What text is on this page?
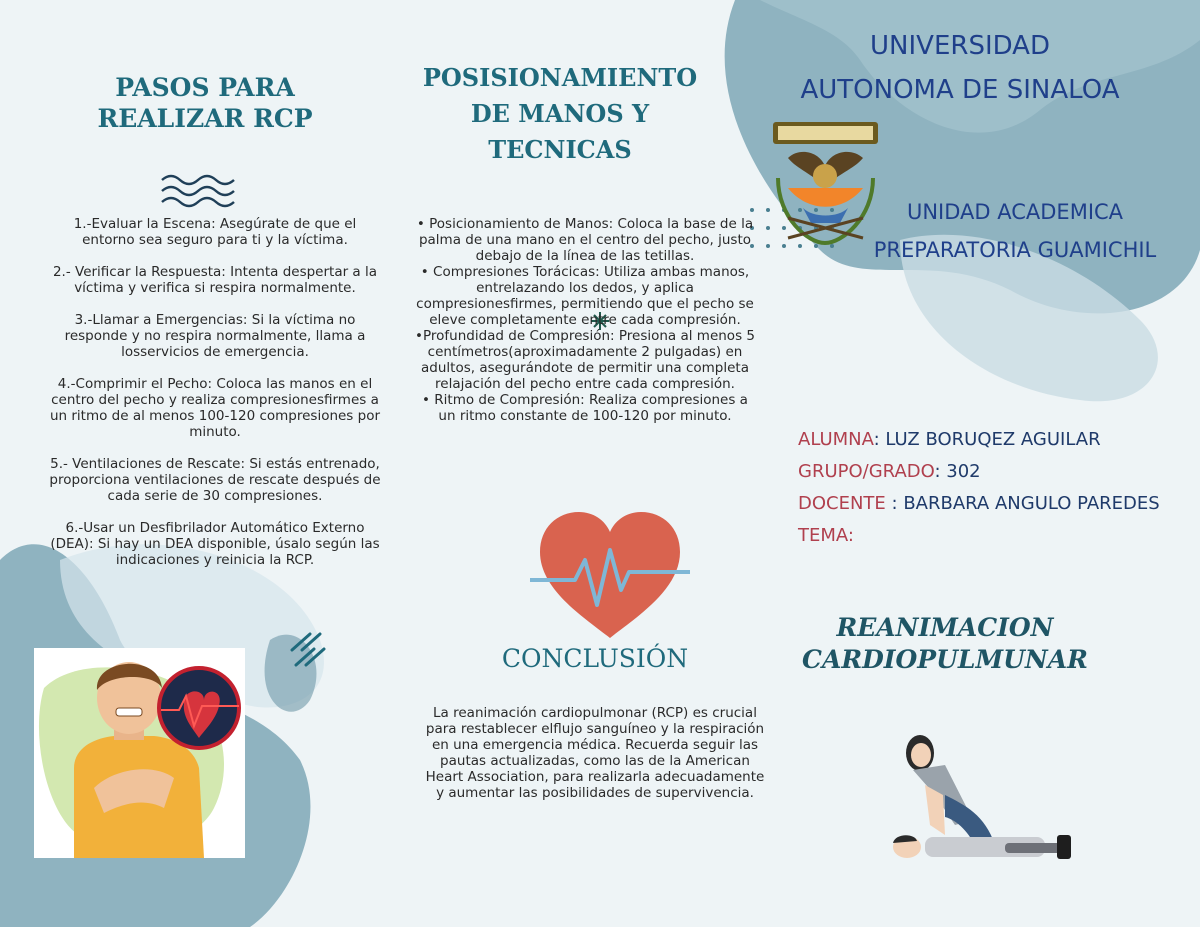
PASOS PARA REALIZAR RCP

1.-Evaluar la Escena: Asegúrate de que el entorno sea seguro para ti y la víctima.

2.- Verificar la Respuesta: Intenta despertar a la víctima y verifica si respira normalmente.

3.-Llamar a Emergencias: Si la víctima no responde y no respira normalmente, llama a losservicios de emergencia.

4.-Comprimir el Pecho: Coloca las manos en el centro del pecho y realiza compresionesfirmes a un ritmo de al menos 100-120 compresiones por minuto.

5.- Ventilaciones de Rescate: Si estás entrenado, proporciona ventilaciones de rescate después de cada serie de 30 compresiones.

6.-Usar un Desfibrilador Automático Externo (DEA): Si hay un DEA disponible, úsalo según las indicaciones y reinicia la RCP.

POSISIONAMIENTO DE MANOS Y TECNICAS

• Posicionamiento de Manos: Coloca la base de la palma de una mano en el centro del pecho, justo debajo de la línea de las tetillas.

• Compresiones Torácicas: Utiliza ambas manos, entrelazando los dedos, y aplica compresionesfirmes, permitiendo que el pecho se eleve completamente entre cada compresión.

•Profundidad de Compresión: Presiona al menos 5 centímetros(aproximadamente 2 pulgadas) en adultos, asegurándote de permitir una completa relajación del pecho entre cada compresión.

• Ritmo de Compresión: Realiza compresiones a un ritmo constante de 100-120 por minuto.

CONCLUSIÓN
La reanimación cardiopulmonar (RCP) es crucial para restablecer elflujo sanguíneo y la respiración en una emergencia médica. Recuerda seguir las pautas actualizadas, como las de la American Heart Association, para realizarla adecuadamente y aumentar las posibilidades de supervivencia.
UNIVERSIDAD
AUTONOMA DE SINALOA
UNIDAD ACADEMICA
PREPARATORIA GUAMICHIL
ALUMNA: LUZ BORUQEZ AGUILAR
GRUPO/GRADO: 302
DOCENTE : BARBARA ANGULO PAREDES
TEMA:
REANIMACION
CARDIOPULMUNAR
